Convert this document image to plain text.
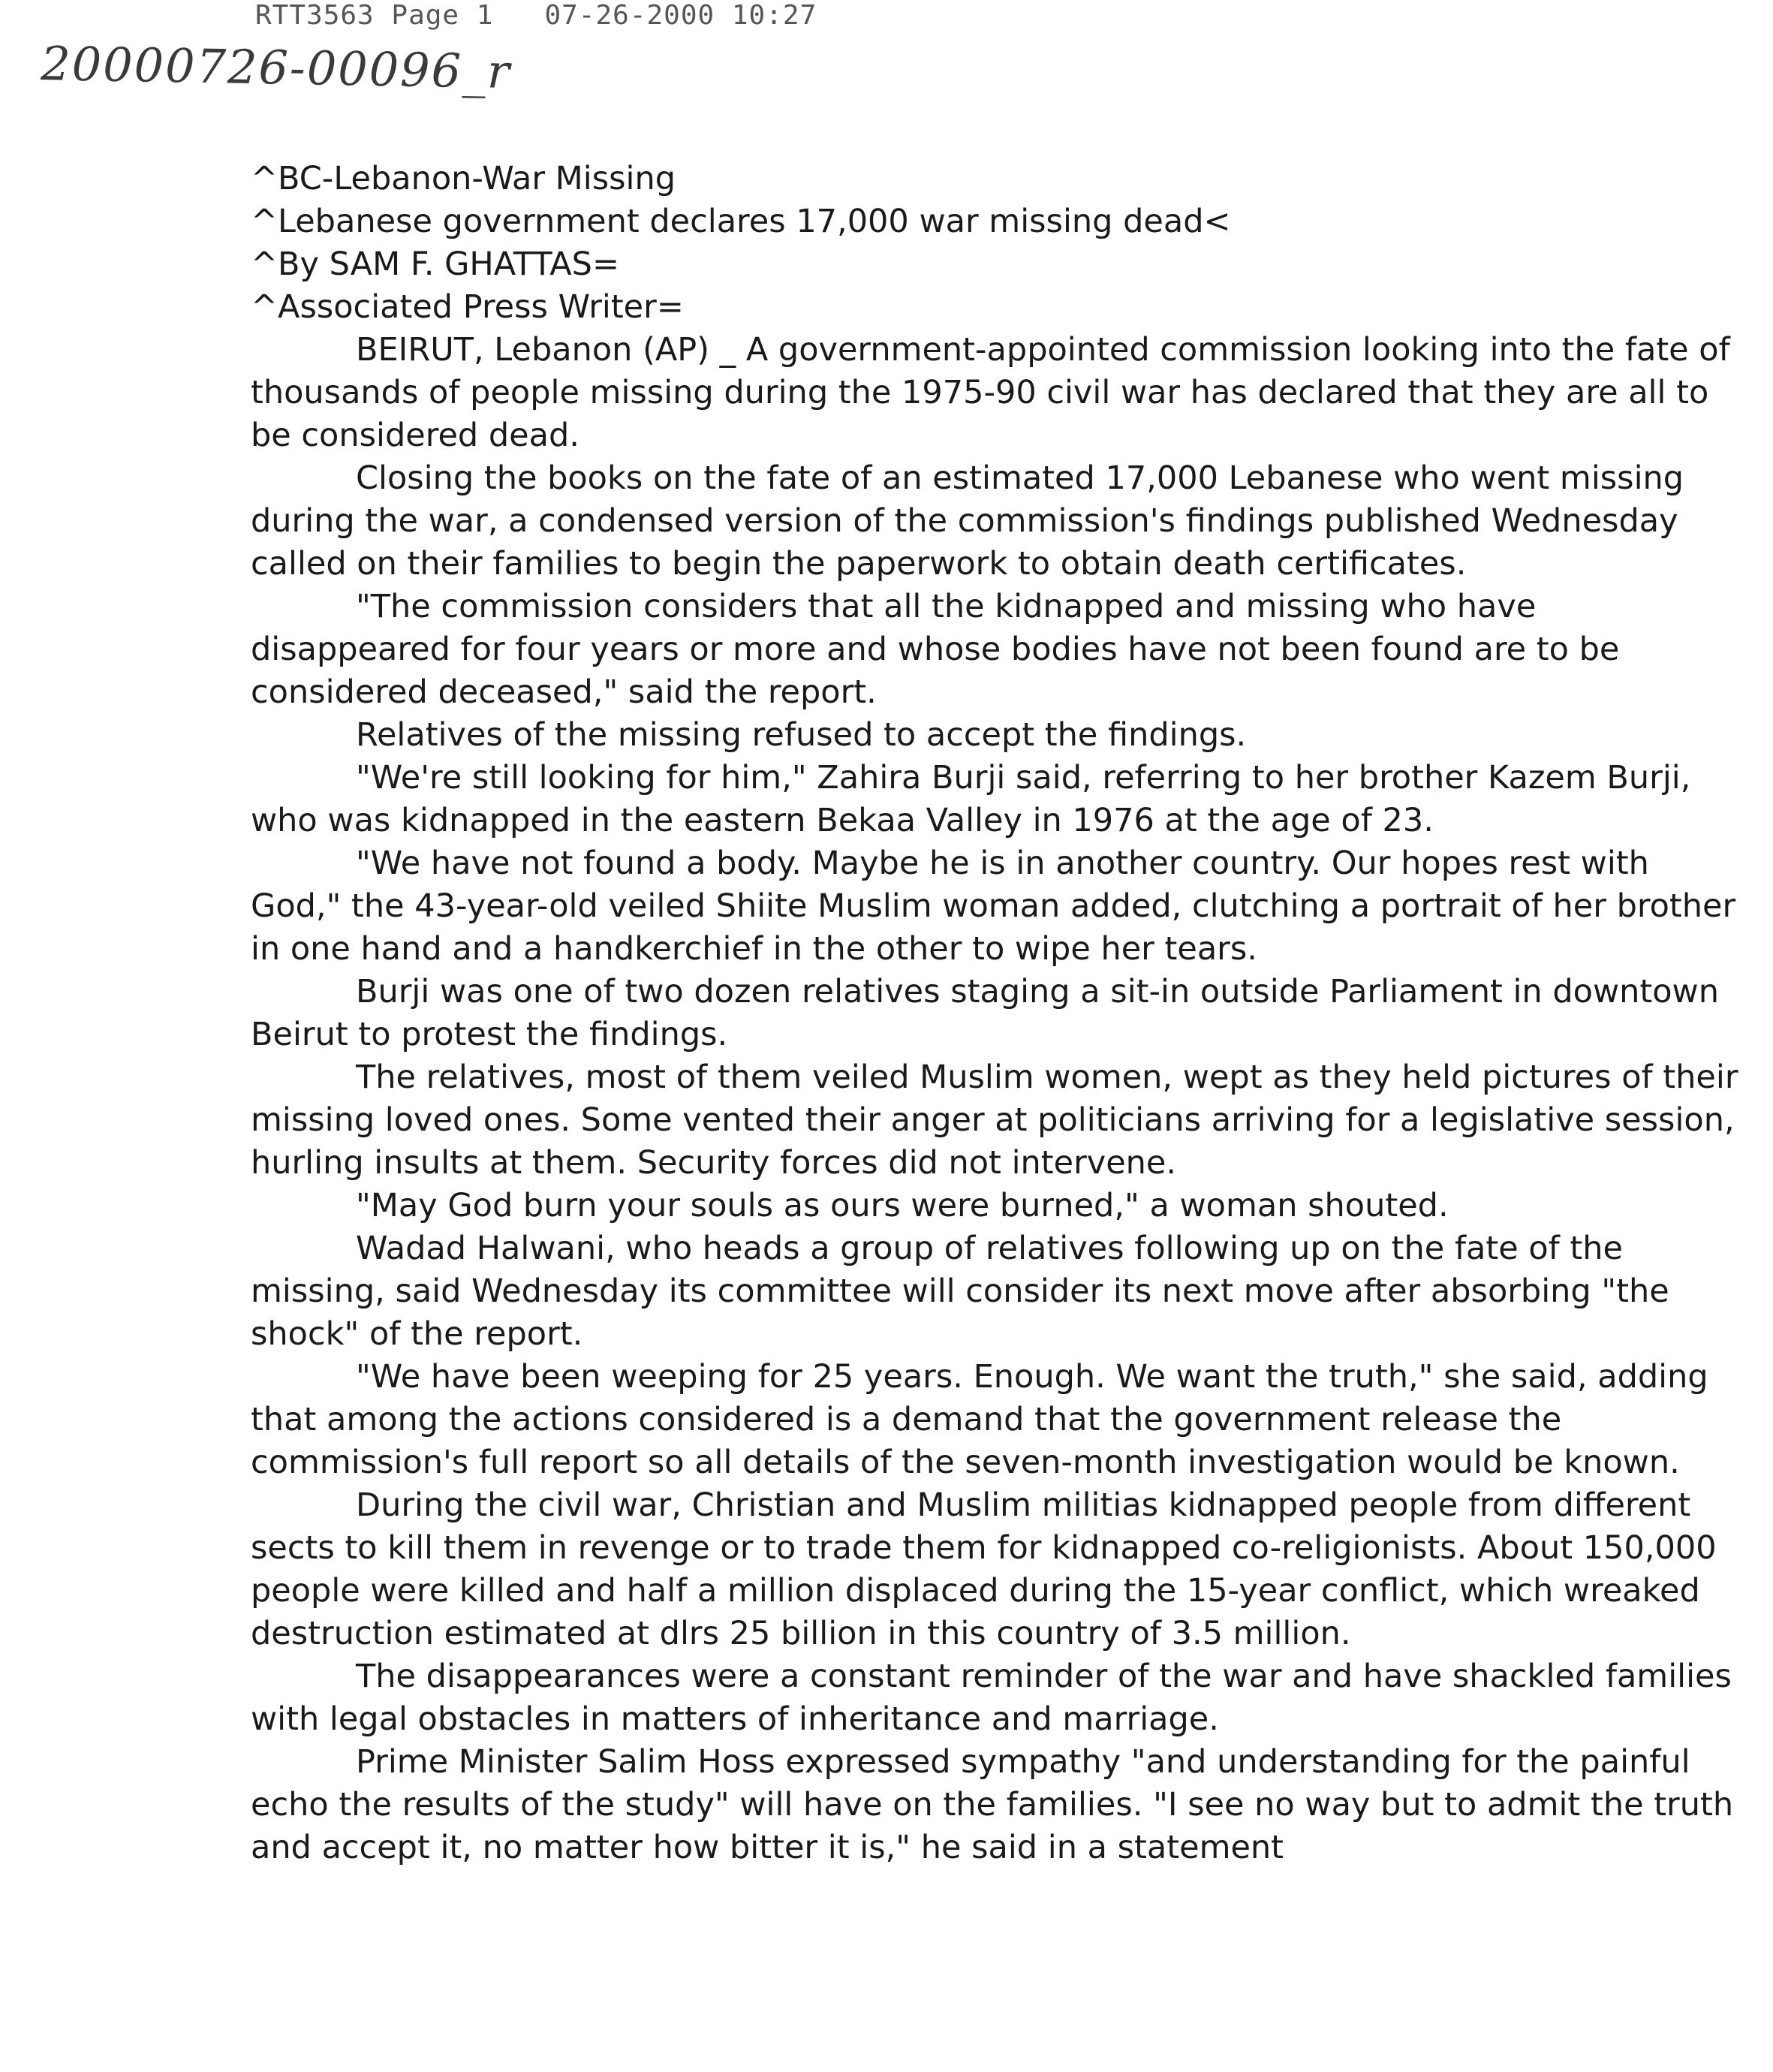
RTT3563 Page 1   07-26-2000 10:27
20000726-00096_r

^BC-Lebanon-War Missing

^Lebanese government declares 17,000 war missing dead<

^By SAM F. GHATTAS=

^Associated Press Writer=

BEIRUT, Lebanon (AP) _ A government-appointed commission looking into the fate of thousands of people missing during the 1975-90 civil war has declared that they are all to be considered dead.

Closing the books on the fate of an estimated 17,000 Lebanese who went missing during the war, a condensed version of the commission's findings published Wednesday called on their families to begin the paperwork to obtain death certificates.

"The commission considers that all the kidnapped and missing who have disappeared for four years or more and whose bodies have not been found are to be considered deceased," said the report.

Relatives of the missing refused to accept the findings.

"We're still looking for him," Zahira Burji said, referring to her brother Kazem Burji, who was kidnapped in the eastern Bekaa Valley in 1976 at the age of 23.

"We have not found a body. Maybe he is in another country. Our hopes rest with God," the 43-year-old veiled Shiite Muslim woman added, clutching a portrait of her brother in one hand and a handkerchief in the other to wipe her tears.

Burji was one of two dozen relatives staging a sit-in outside Parliament in downtown Beirut to protest the findings.

The relatives, most of them veiled Muslim women, wept as they held pictures of their missing loved ones. Some vented their anger at politicians arriving for a legislative session, hurling insults at them. Security forces did not intervene.

"May God burn your souls as ours were burned," a woman shouted.

Wadad Halwani, who heads a group of relatives following up on the fate of the missing, said Wednesday its committee will consider its next move after absorbing "the shock" of the report.

"We have been weeping for 25 years. Enough. We want the truth," she said, adding that among the actions considered is a demand that the government release the commission's full report so all details of the seven-month investigation would be known.

During the civil war, Christian and Muslim militias kidnapped people from different sects to kill them in revenge or to trade them for kidnapped co-religionists. About 150,000 people were killed and half a million displaced during the 15-year conflict, which wreaked destruction estimated at dlrs 25 billion in this country of 3.5 million.

The disappearances were a constant reminder of the war and have shackled families with legal obstacles in matters of inheritance and marriage.

Prime Minister Salim Hoss expressed sympathy "and understanding for the painful echo the results of the study" will have on the families. "I see no way but to admit the truth and accept it, no matter how bitter it is," he said in a statement
